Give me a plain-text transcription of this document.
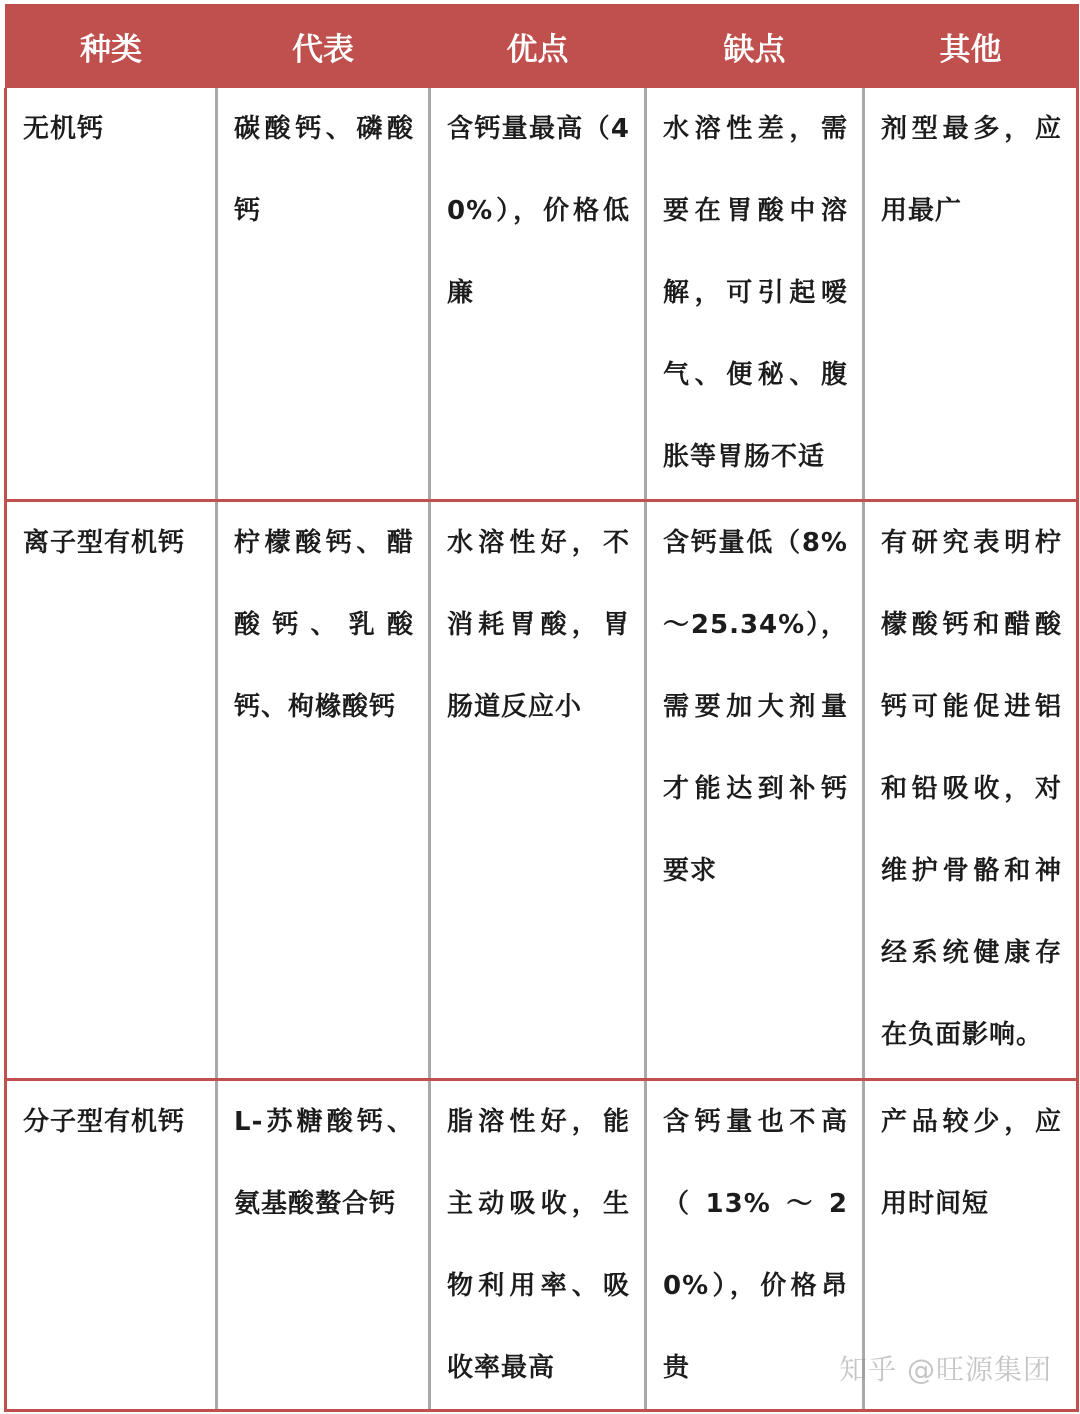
种类	代表	优点	缺点	其他

无机钙	碳酸钙、磷酸钙	含钙量最高（40%），价格低廉	水溶性差，需要在胃酸中溶解，可引起嗳气、便秘、腹胀等胃肠不适	剂型最多，应用最广

离子型有机钙	柠檬酸钙、醋酸钙、乳酸钙、枸橼酸钙	水溶性好，不消耗胃酸，胃肠道反应小	含钙量低（8%～25.34%），需要加大剂量才能达到补钙要求	有研究表明柠檬酸钙和醋酸钙可能促进铝和铅吸收，对维护骨骼和神经系统健康存在负面影响。

分子型有机钙	L-苏糖酸钙、氨基酸螯合钙	脂溶性好，能主动吸收，生物利用率、吸收率最高	含钙量也不高（13%～20%），价格昂贵	产品较少，应用时间短
知乎 @旺源集团
